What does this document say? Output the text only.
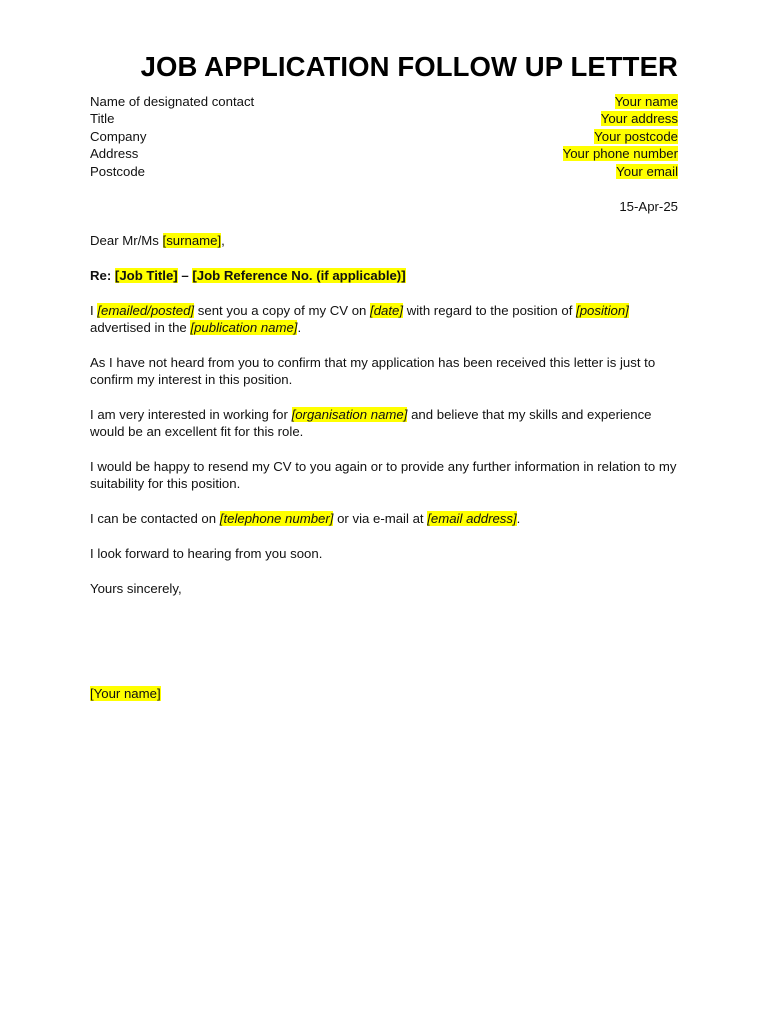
JOB APPLICATION FOLLOW UP LETTER
Name of designated contact
Title
Company
Address
Postcode
Your name
Your address
Your postcode
Your phone number
Your email
15-Apr-25
Dear Mr/Ms [surname],
Re: [Job Title] – [Job Reference No. (if applicable)]
I [emailed/posted] sent you a copy of my CV on [date] with regard to the position of [position] advertised in the [publication name].
As I have not heard from you to confirm that my application has been received this letter is just to confirm my interest in this position.
I am very interested in working for [organisation name] and believe that my skills and experience would be an excellent fit for this role.
I would be happy to resend my CV to you again or to provide any further information in relation to my suitability for this position.
I can be contacted on [telephone number] or via e-mail at [email address].
I look forward to hearing from you soon.
Yours sincerely,
[Your name]
